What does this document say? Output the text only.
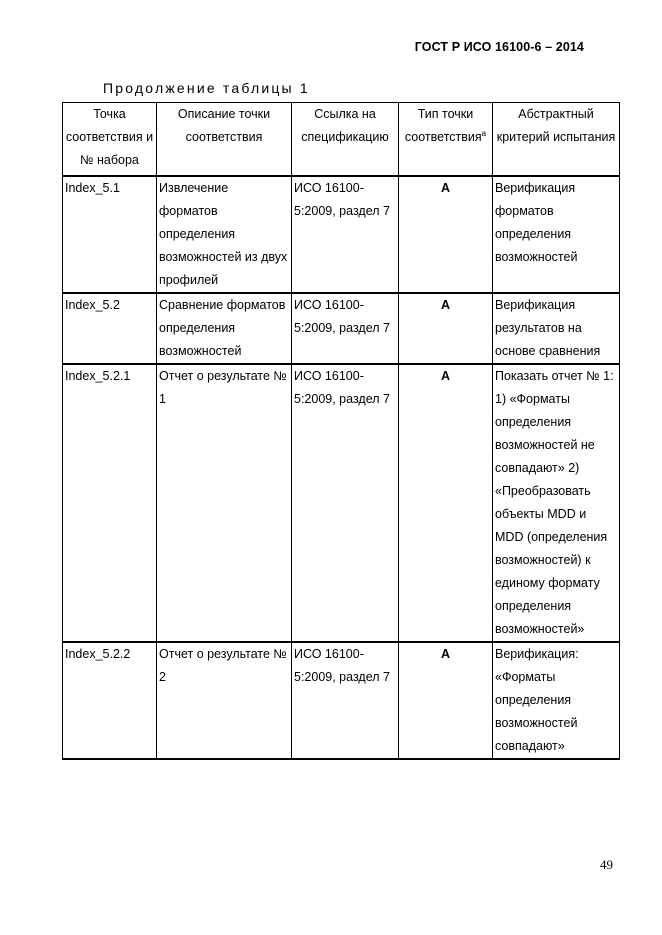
ГОСТ Р ИСО 16100-6 – 2014
Продолжение таблицы 1
Точка соответствия и № набора	Описание точки соответствия	Ссылка на спецификацию	Тип точки соответствия$^a$	Абстрактный критерий испытания
Index_5.1	Извлечение форматов определения возможностей из двух профилей	ИСО 16100-5:2009, раздел 7	А	Верификация форматов определения возможностей
Index_5.2	Сравнение форматов определения возможностей	ИСО 16100-5:2009, раздел 7	А	Верификация результатов на основе сравнения
Index_5.2.1	Отчет о результате № 1	ИСО 16100-5:2009, раздел 7	А	Показать отчет № 1: 1) «Форматы определения возможностей не совпадают» 2) «Преобразовать объекты MDD и MDD (определения возможностей) к единому формату определения возможностей»
Index_5.2.2	Отчет о результате № 2	ИСО 16100-5:2009, раздел 7	А	Верификация: «Форматы определения возможностей совпадают»
49
